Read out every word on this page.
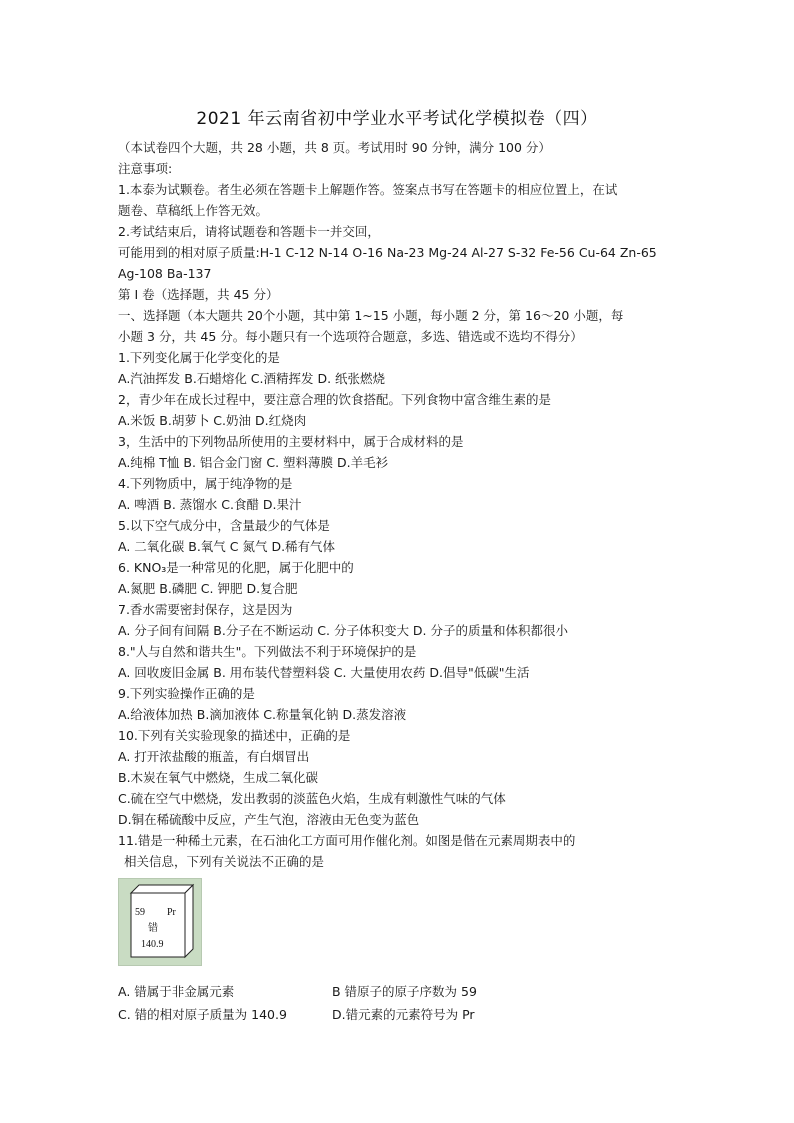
2021 年云南省初中学业水平考试化学模拟卷（四）
（本试卷四个大题，共 28 小题，共 8 页。考试用时 90 分钟，满分 100 分）
注意事项:
1.本泰为试颗卷。者生必须在答题卡上解题作答。签案点书写在答题卡的相应位置上，在试
题卷、草稿纸上作答无效。
2.考试结束后，请将试题卷和答题卡一并交回，
可能用到的相对原子质量:H-1 C-12 N-14 O-16 Na-23 Mg-24 Al-27 S-32 Fe-56 Cu-64 Zn-65
Ag-108 Ba-137
第 I 卷（选择题，共 45 分）
一、选择题（本大题共 20个小题，其中第 1~15 小题，每小题 2 分，第 16～20 小题，每
小题 3 分，共 45 分。每小题只有一个选项符合题意，多选、错选或不选均不得分）
1.下列变化属于化学变化的是
A.汽油挥发 B.石蜡熔化 C.酒精挥发 D. 纸张燃烧
2，青少年在成长过程中，要注意合理的饮食搭配。下列食物中富含维生素的是
A.米饭 B.胡萝卜 C.奶油 D.红烧肉
3，生活中的下列物品所使用的主要材料中，属于合成材料的是
A.纯棉 T恤 B. 铝合金门窗 C. 塑料薄膜 D.羊毛衫
4.下列物质中，属于纯净物的是
A. 啤酒 B. 蒸馏水 C.食醋 D.果汁
5.以下空气成分中，含量最少的气体是
A. 二氧化碳 B.氧气 C 氮气 D.稀有气体
6. KNO₃是一种常见的化肥，属于化肥中的
A.氮肥 B.磷肥 C. 钾肥 D.复合肥
7.香水需要密封保存，这是因为
A. 分子间有间隔 B.分子在不断运动 C. 分子体积变大 D. 分子的质量和体积都很小
8."人与自然和谐共生"。下列做法不利于环境保护的是
A. 回收废旧金属 B. 用布装代替塑料袋 C. 大量使用农药 D.倡导"低碳"生活
9.下列实验操作正确的是
A.给液体加热 B.滴加液体 C.称量氧化钠 D.蒸发溶液
10.下列有关实验现象的描述中，正确的是
A. 打开浓盐酸的瓶盖，有白烟冒出
B.木炭在氧气中燃烧，生成二氧化碳
C.硫在空气中燃烧，发出教弱的淡蓝色火焰，生成有刺激性气味的气体
D.铜在稀硫酸中反应，产生气泡，溶液由无色变为蓝色
11.错是一种稀土元素，在石油化工方面可用作催化剂。如图是偕在元素周期表中的
相关信息，下列有关说法不正确的是
59 Pr
错
140.9
A. 错属于非金属元素	B 错原子的原子序数为 59
C. 错的相对原子质量为 140.9	D.错元素的元素符号为 Pr
